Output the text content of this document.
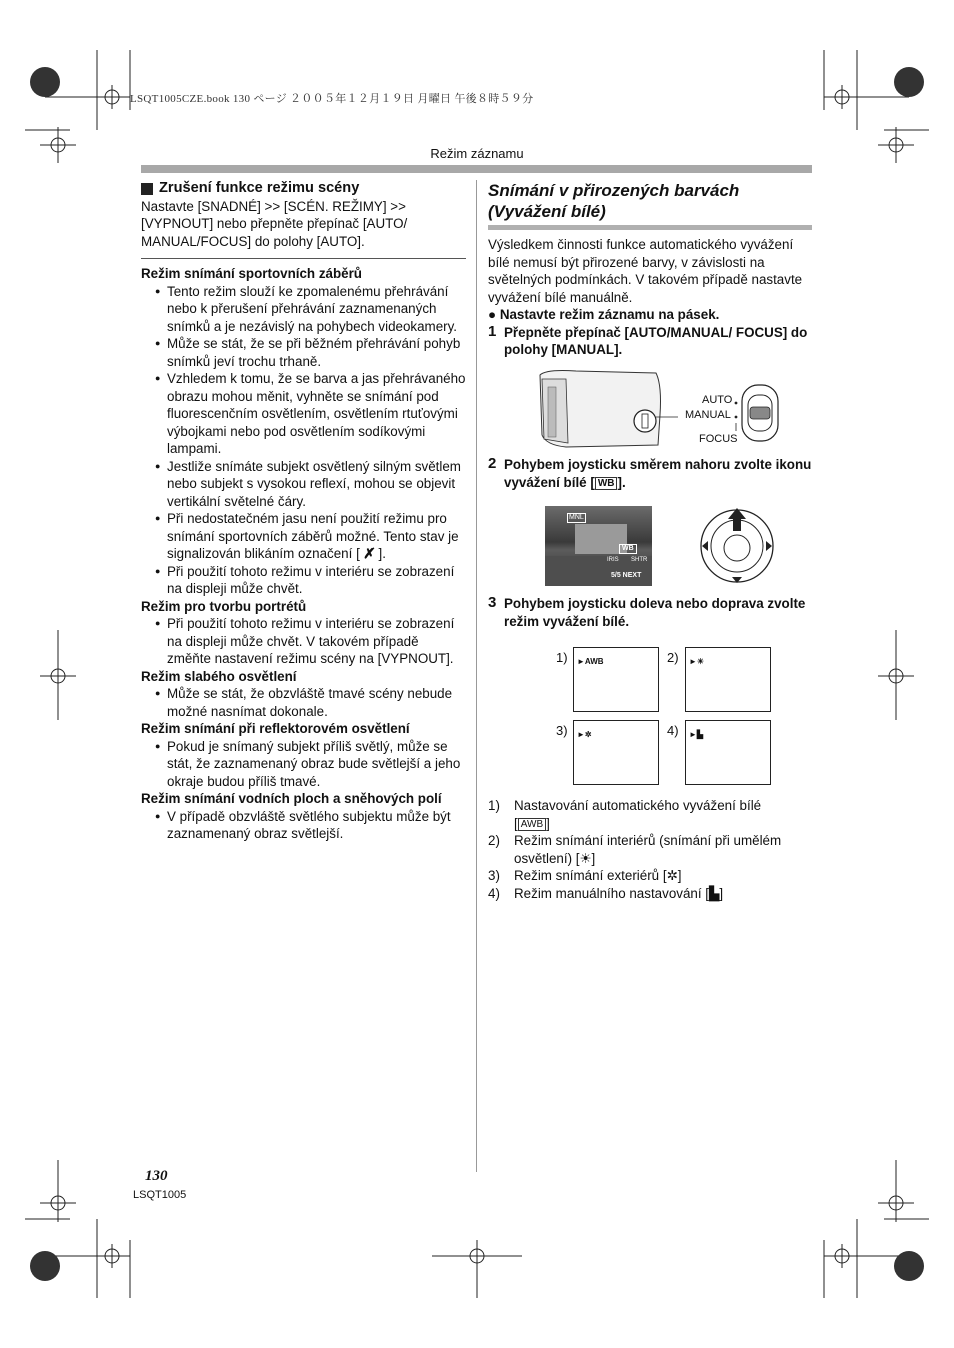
LSQT1005CZE.book 130 ページ ２００５年１２月１９日 月曜日 午後８時５９分
Režim záznamu
Zrušení funkce režimu scény

Nastavte [SNADNÉ] >> [SCÉN. REŽIMY] >> [VYPNOUT] nebo přepněte přepínač [AUTO/ MANUAL/FOCUS] do polohy [AUTO].

Režim snímání sportovních záběrů

● Tento režim slouží ke zpomalenému přehrávání nebo k přerušení přehrávání zaznamenaných snímků a je nezávislý na pohybech videokamery.

● Může se stát, že se při běžném přehrávání pohyb snímků jeví trochu trhaně.

● Vzhledem k tomu, že se barva a jas přehrávaného obrazu mohou měnit, vyhněte se snímání pod fluorescenčním osvětlením, osvětlením rtuťovými výbojkami nebo pod osvětlením sodíkovými lampami.

● Jestliže snímáte subjekt osvětlený silným světlem nebo subjekt s vysokou reflexí, mohou se objevit vertikální světelné čáry.

● Při nedostatečném jasu není použití režimu pro snímání sportovních záběrů možné. Tento stav je signalizován blikáním označení [ ✗̸ ].

● Při použití tohoto režimu v interiéru se zobrazení na displeji může chvět.

Režim pro tvorbu portrétů

● Při použití tohoto režimu v interiéru se zobrazení na displeji může chvět. V takovém případě změňte nastavení režimu scény na [VYPNOUT].

Režim slabého osvětlení

● Může se stát, že obzvláště tmavé scény nebude možné nasnímat dokonale.

Režim snímání při reflektorovém osvětlení

● Pokud je snímaný subjekt příliš světlý, může se stát, že zaznamenaný obraz bude světlejší a jeho okraje budou příliš tmavé.

Režim snímání vodních ploch a sněhových polí

● V případě obzvláště světlého subjektu může být zaznamenaný obraz světlejší.

Snímání v přirozených barvách (Vyvážení bílé)

Výsledkem činnosti funkce automatického vyvážení bílé nemusí být přirozené barvy, v závislosti na světelných podmínkách. V takovém případě nastavte vyvážení bílé manuálně.

● Nastavte režim záznamu na pásek.

1 Přepněte přepínač [AUTO/MANUAL/ FOCUS] do polohy [MANUAL].

AUTO
MANUAL
FOCUS

2 Pohybem joysticku směrem nahoru zvolte ikonu vyvážení bílé [ WB ].

MNL
WB
IRIS SHTR
5/5 NEXT

3 Pohybem joysticku doleva nebo doprava zvolte režim vyvážení bílé.

1) ►AWB	2) ►☀
3) ►✲	4) ►▙

1) Nastavování automatického vyvážení bílé
[ AWB ]

2) Režim snímání interiérů (snímání při umělém osvětlení) [☀]

3) Režim snímání exteriérů [✲]

4) Režim manuálního nastavování [▙]

130
LSQT1005
